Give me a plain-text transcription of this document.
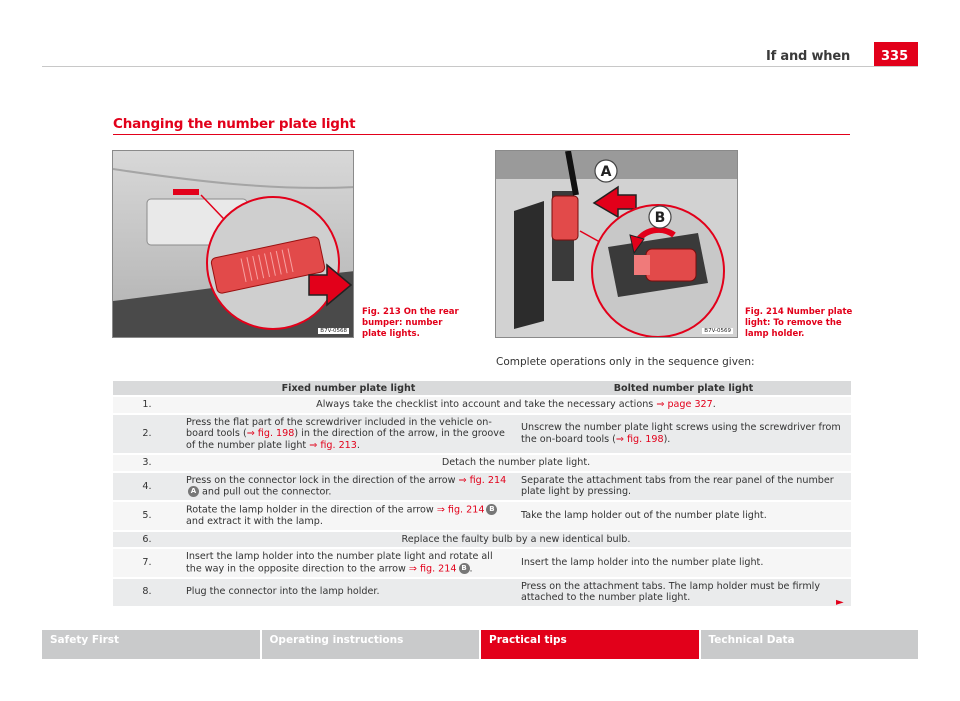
If and when	335
Changing the number plate light
B7V-0568
Fig. 213 On the rear bumper: number plate lights.
A
B
B7V-0569
Fig. 214 Number plate light: To remove the lamp holder.
Complete operations only in the sequence given:
	Fixed number plate light	Bolted number plate light
1.	Always take the checklist into account and take the necessary actions ⇒ page 327.	
2.	Press the flat part of the screwdriver included in the vehicle on-board tools (⇒ fig. 198) in the direction of the arrow, in the groove of the number plate light ⇒ fig. 213.	Unscrew the number plate light screws using the screwdriver from the on-board tools (⇒ fig. 198).
3.	Detach the number plate light.	
4.	Press on the connector lock in the direction of the arrow ⇒ fig. 214A and pull out the connector.	Separate the attachment tabs from the rear panel of the number plate light by pressing.
5.	Rotate the lamp holder in the direction of the arrow ⇒ fig. 214 B and extract it with the lamp.	Take the lamp holder out of the number plate light.
6.	Replace the faulty bulb by a new identical bulb.	
7.	Insert the lamp holder into the number plate light and rotate all the way in the opposite direction to the arrow ⇒ fig. 214 B .	Insert the lamp holder into the number plate light.
8.	Plug the connector into the lamp holder.	Press on the attachment tabs. The lamp holder must be firmly attached to the number plate light.	►
Safety First	Operating instructions	Practical tips	Technical Data
